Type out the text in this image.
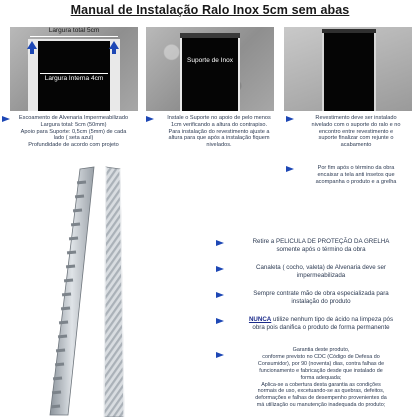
Manual de Instalação Ralo Inox 5cm sem abas
Largura total 5cm
Largura Interna 4cm
Suporte de Inox
Escoamento de Alvenaria Impermeabilizado
Largura total: 5cm (50mm)
Apoio para Suporte: 0,5cm (5mm) de cada
lado ( seta azul)
Profundidade de acordo com projeto
Instale o Suporte no apoio de pelo menos
1cm verificando a altura do contrapiso.
Para instalação do revestimento ajuste a
altura para que após a instalação fiquem
nivelados.
Revestimento deve ser instalado
nivelado com o suporte do ralo e no
encontro entre revestimento e
suporte finalizar com rejunte o
acabamento
Por fim após o término da obra
encaixar a tela anti insetos que
acompanha o produto e a grelha
Retire a PELICULA DE PROTEÇÃO DA GRELHA
somente após o término da obra
Canaleta ( cocho, valeta) de Alvenaria deve ser
impermeabilizada
Sempre contrate mão de obra especializada para
instalação do produto
NUNCA utilize nenhum tipo de ácido na limpeza pós
obra pois danifica o produto de forma permanente
Garantia deste produto,
conforme previsto no CDC (Código de Defesa do
Consumidor), por 90 (noventa) dias, contra falhas de
funcionamento e fabricação desde que instalado de
forma adequada;
Aplica-se a cobertura desta garantia as condições
normais de uso, excetuando-se as quebras, defeitos,
deformações e falhas de desempenho provenientes da
má utilização ou manutenção inadequada do produto;
